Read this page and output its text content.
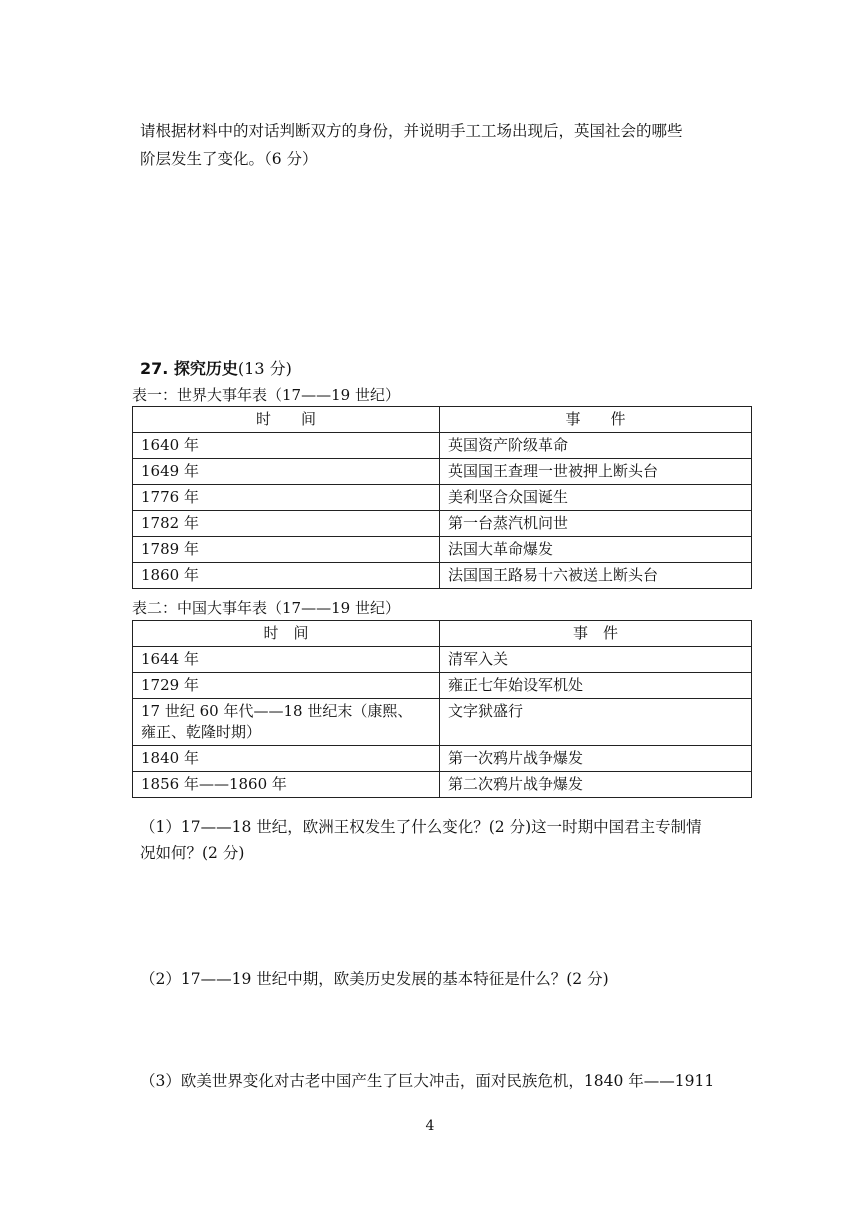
请根据材料中的对话判断双方的身份，并说明手工工场出现后，英国社会的哪些
阶层发生了变化。（6 分）
27. 探究历史(13 分)
表一：世界大事年表（17——19 世纪）
时　　间	事　　件
1640 年	英国资产阶级革命
1649 年	英国国王查理一世被押上断头台
1776 年	美利坚合众国诞生
1782 年	第一台蒸汽机问世
1789 年	法国大革命爆发
1860 年	法国国王路易十六被送上断头台
表二：中国大事年表（17——19 世纪）
时　间	事　件
1644 年	清军入关
1729 年	雍正七年始设军机处

17 世纪 60 年代——18 世纪末（康熙、
雍正、乾隆时期）	文字狱盛行
1840 年	第一次鸦片战争爆发
1856 年——1860 年	第二次鸦片战争爆发
（1）17——18 世纪，欧洲王权发生了什么变化？(2 分)这一时期中国君主专制情
况如何？(2 分)
（2）17——19 世纪中期，欧美历史发展的基本特征是什么？(2 分)
（3）欧美世界变化对古老中国产生了巨大冲击，面对民族危机，1840 年——1911
4
